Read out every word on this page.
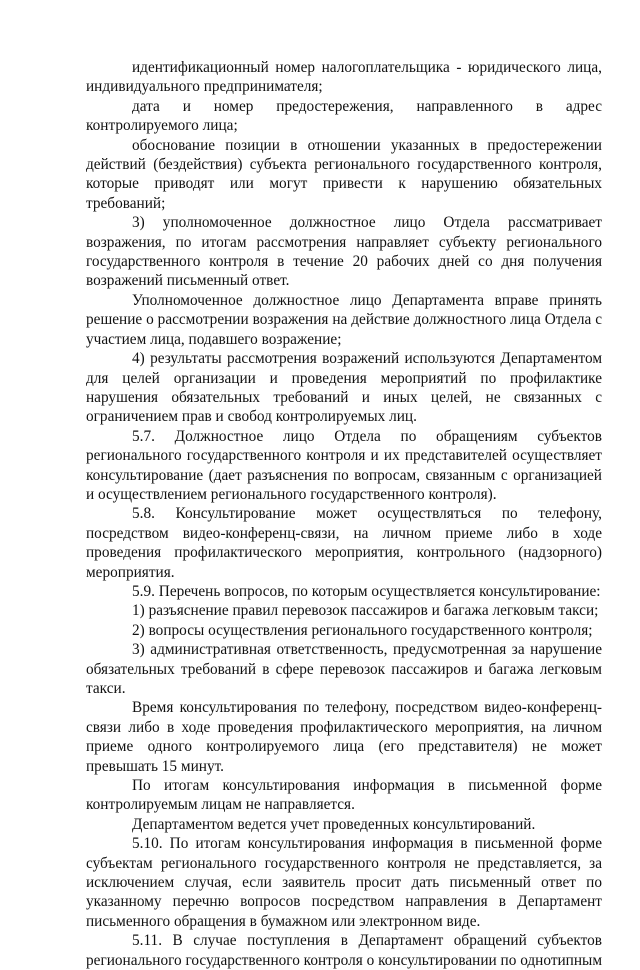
идентификационный номер налогоплательщика - юридического лица, индивидуального предпринимателя;

дата и номер предостережения, направленного в адрес контролируемого лица;

обоснование позиции в отношении указанных в предостережении действий (бездействия) субъекта регионального государственного контроля, которые приводят или могут привести к нарушению обязательных требований;

3) уполномоченное должностное лицо Отдела рассматривает возражения, по итогам рассмотрения направляет субъекту регионального государственного контроля в течение 20 рабочих дней со дня получения возражений письменный ответ.

Уполномоченное должностное лицо Департамента вправе принять решение о рассмотрении возражения на действие должностного лица Отдела с участием лица, подавшего возражение;

4) результаты рассмотрения возражений используются Департаментом для целей организации и проведения мероприятий по профилактике нарушения обязательных требований и иных целей, не связанных с ограничением прав и свобод контролируемых лиц.

5.7. Должностное лицо Отдела по обращениям субъектов регионального государственного контроля и их представителей осуществляет консультирование (дает разъяснения по вопросам, связанным с организацией и осуществлением регионального государственного контроля).

5.8. Консультирование может осуществляться по телефону, посредством видео-конференц-связи, на личном приеме либо в ходе проведения профилактического мероприятия, контрольного (надзорного) мероприятия.

5.9. Перечень вопросов, по которым осуществляется консультирование:

1) разъяснение правил перевозок пассажиров и багажа легковым такси;

2) вопросы осуществления регионального государственного контроля;

3) административная ответственность, предусмотренная за нарушение обязательных требований в сфере перевозок пассажиров и багажа легковым такси.

Время консультирования по телефону, посредством видео-конференц-связи либо в ходе проведения профилактического мероприятия, на личном приеме одного контролируемого лица (его представителя) не может превышать 15 минут.

По итогам консультирования информация в письменной форме контролируемым лицам не направляется.

Департаментом ведется учет проведенных консультирований.

5.10. По итогам консультирования информация в письменной форме субъектам регионального государственного контроля не представляется, за исключением случая, если заявитель просит дать письменный ответ по указанному перечню вопросов посредством направления в Департамент письменного обращения в бумажном или электронном виде.

5.11. В случае поступления в Департамент обращений субъектов регионального государственного контроля о консультировании по однотипным
